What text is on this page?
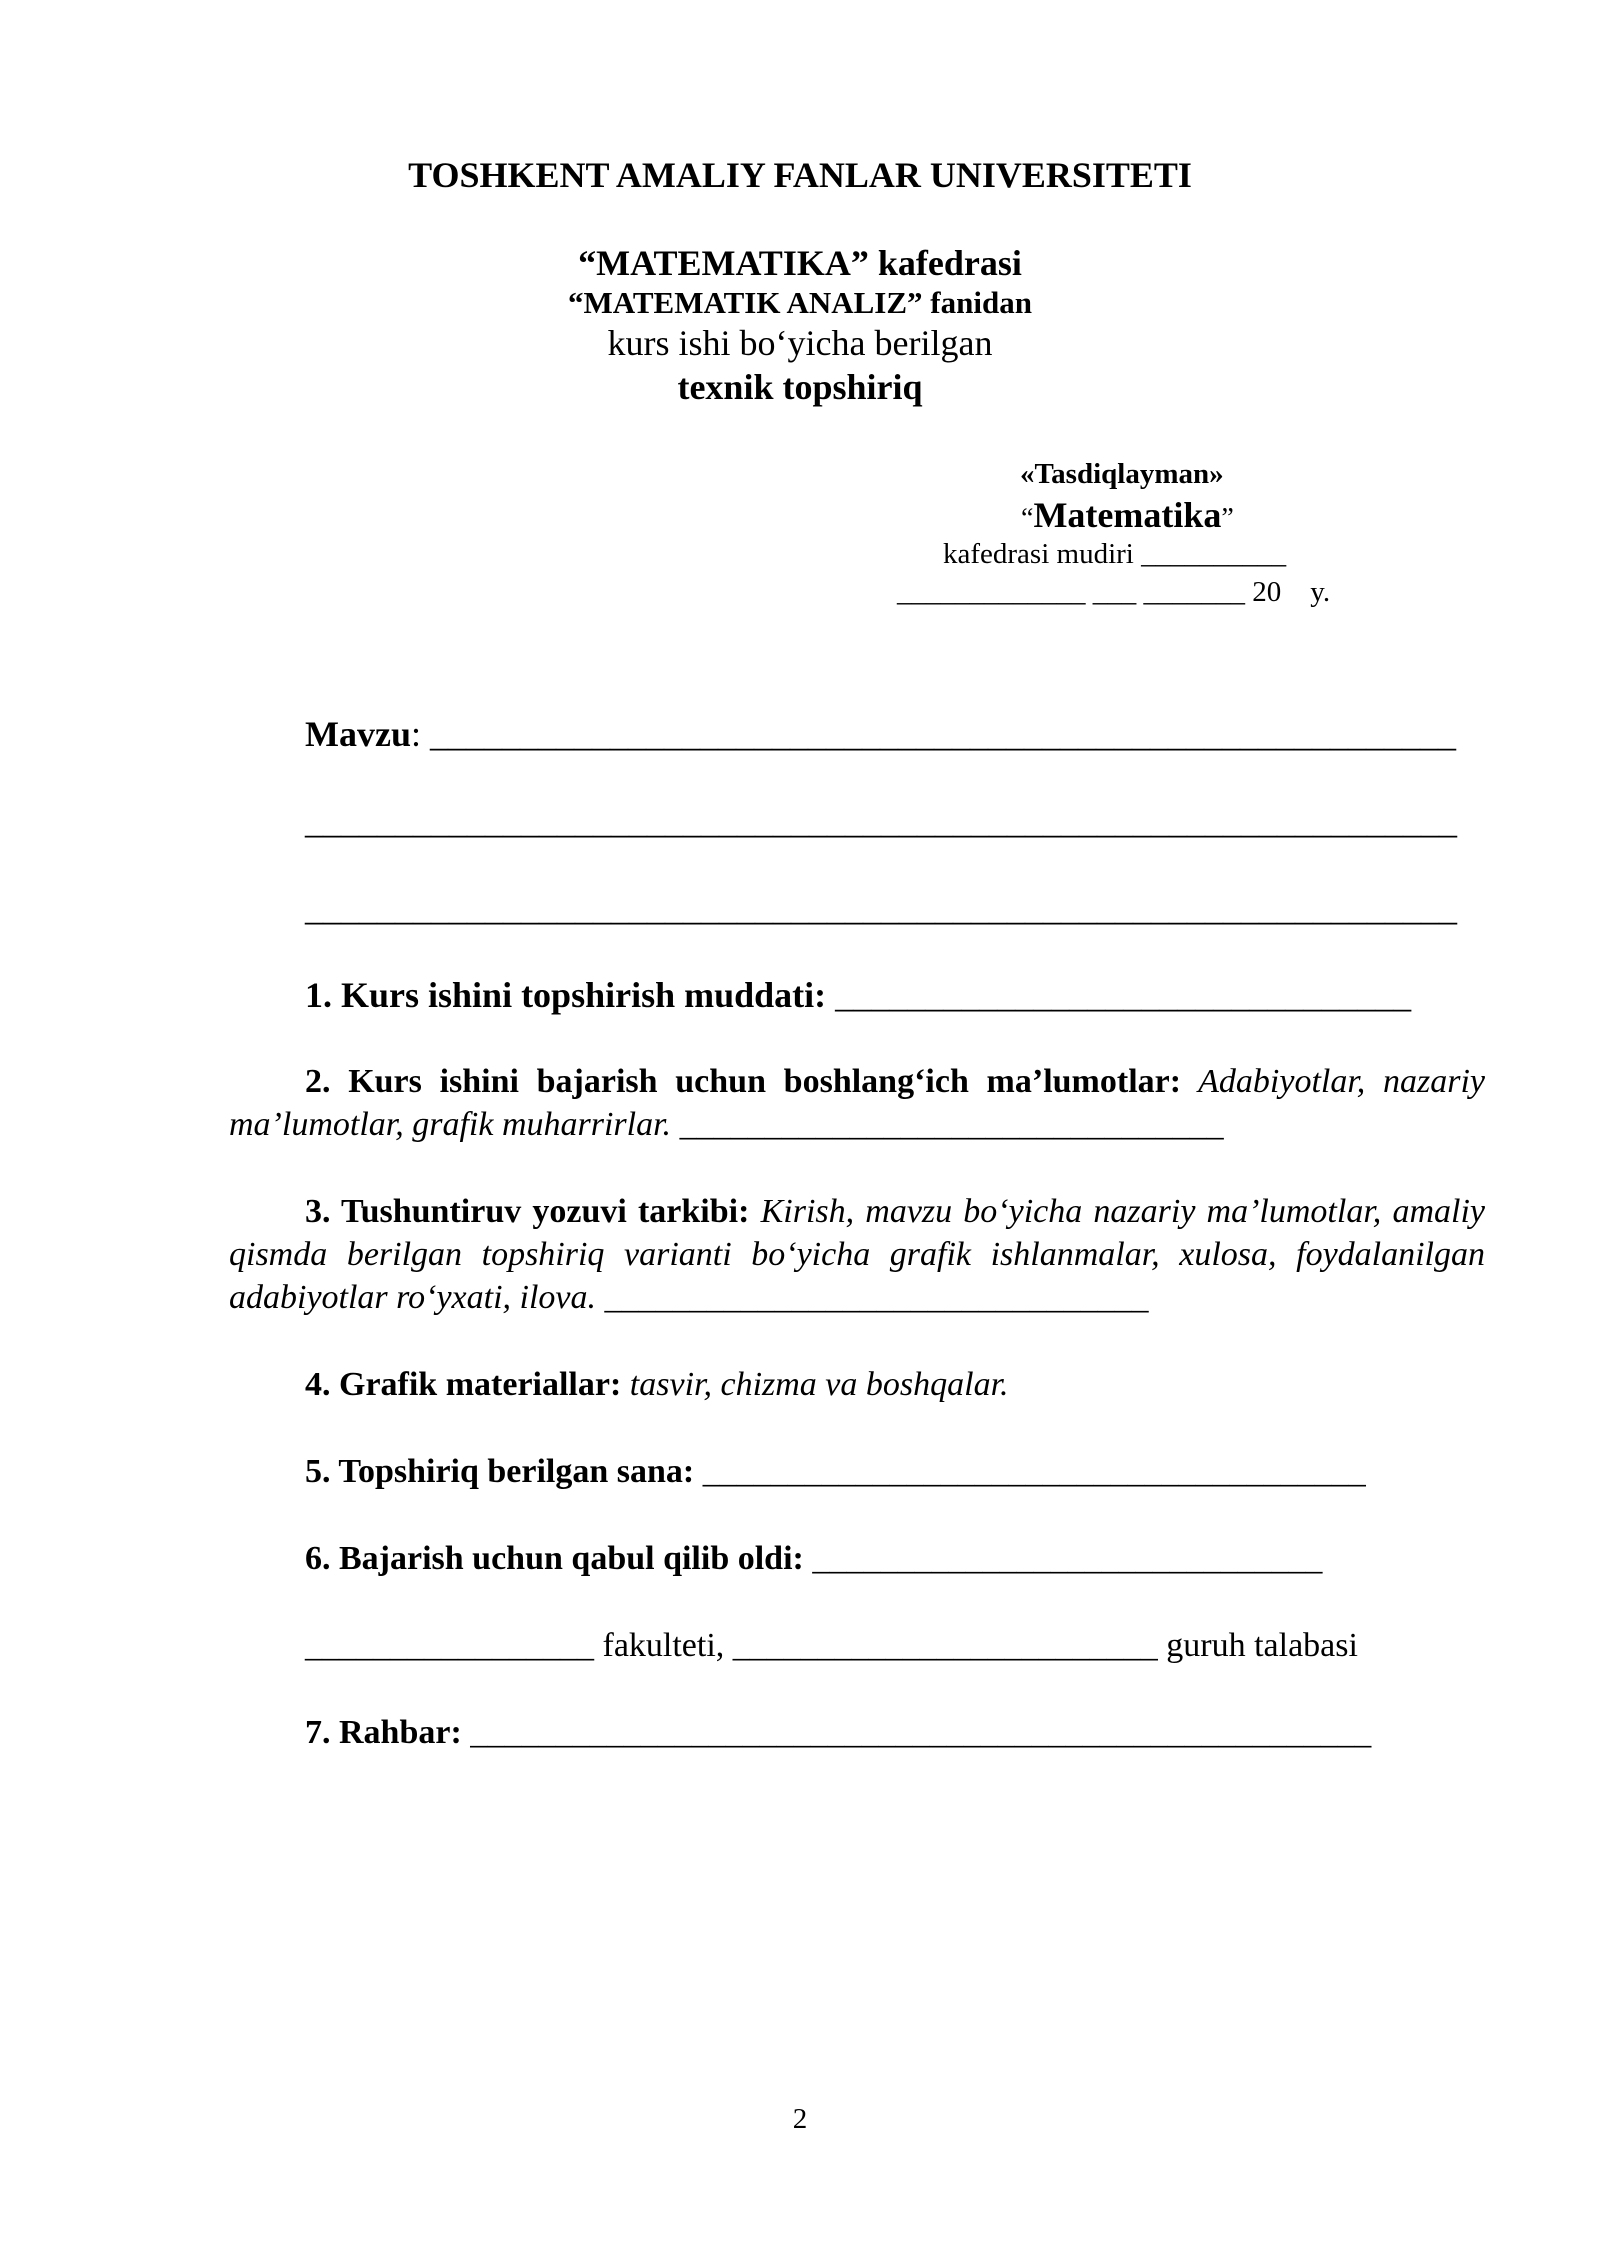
TOSHKENT AMALIY FANLAR UNIVERSITETI
“MATEMATIKA” kafedrasi
“MATEMATIK ANALIZ” fanidan
kurs ishi bo‘yicha berilgan
texnik topshiriq
«Tasdiqlayman»
“Matematika”
kafedrasi mudiri __________
_____________ ___ _______ 20    y.
Mavzu: _________________________________________________________
________________________________________________________________
________________________________________________________________
1. Kurs ishini topshirish muddati: ________________________________
2. Kurs ishini bajarish uchun boshlang‘ich ma’lumotlar: Adabiyotlar, nazariy ma’lumotlar, grafik muharrirlar. ________________________________
3. Tushuntiruv yozuvi tarkibi: Kirish, mavzu bo‘yicha nazariy ma’lumotlar, amaliy qismda berilgan topshiriq varianti bo‘yicha grafik ishlanmalar, xulosa, foydalanilgan adabiyotlar ro‘yxati, ilova. ________________________________
4. Grafik materiallar: tasvir, chizma va boshqalar.
5. Topshiriq berilgan sana: _______________________________________
6. Bajarish uchun qabul qilib oldi: ______________________________
_________________ fakulteti, _________________________ guruh talabasi
7. Rahbar: _____________________________________________________
2
